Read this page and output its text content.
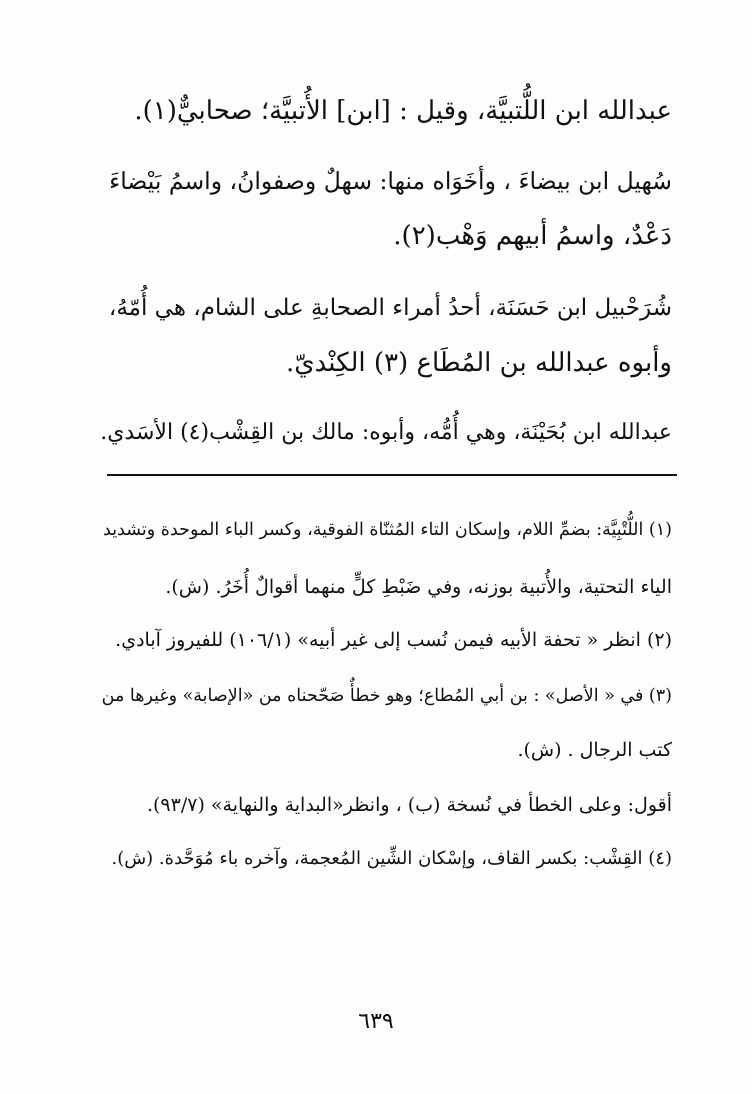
عبدالله ابن اللُّتبيَّة، وقيل : [ابن] الأُتبيَّة؛ صحابيٌّ(١).
سُهيل ابن بيضاءَ ، وأخَوَاه منها: سهلٌ وصفوانُ، واسمُ بَيْضاءَ
دَعْدٌ، واسمُ أبيهم وَهْب(٢).
شُرَحْبيل ابن حَسَنَة، أحدُ أمراء الصحابةِ على الشام، هي أُمّهُ،
وأبوه عبدالله بن المُطَاع (٣) الكِنْديّ.
عبدالله ابن بُحَيْنَة، وهي أُمُّه، وأبوه: مالك بن القِشْب(٤) الأسَدي.
(١) اللُّتْبِيَّة: بضمِّ اللام، وإسكان التاء المُثنّاة الفوقية، وكسر الباء الموحدة وتشديد
الياء التحتية، والأُتبية بوزنه، وفي ضَبْطِ كلٍّ منهما أقوالٌ أُخَرُ. (ش).
(٢) انظر « تحفة الأبيه فيمن نُسب إلى غير أبيه» (١٠٦/١) للفيروز آبادي.
(٣) في « الأصل» : بن أبي المُطاع؛ وهو خطأٌ صَحّحناه من «الإصابة» وغيرها من
كتب الرجال . (ش).
أقول: وعلى الخطأ في نُسخة (ب) ، وانظر«البداية والنهاية» (٩٣/٧).
(٤) القِشْب: بكسر القاف، وإسْكان الشِّين المُعجمة، وآخره باء مُوَحَّدة. (ش).
٦٣٩
